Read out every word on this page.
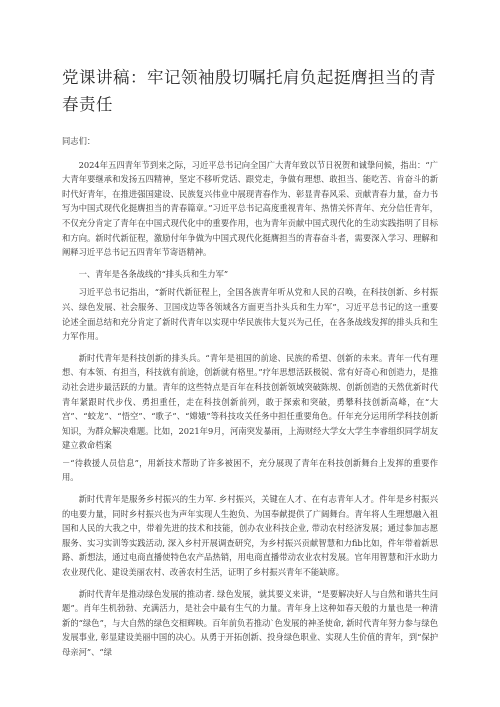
党课讲稿：牢记领袖殷切嘱托肩负起挺膺担当的青春责任

同志们：

2024年五四青年节到来之际，习近平总书记向全国广大青年致以节日祝贺和诚挚问候，指出：“广大青年要继承和发扬五四精神，坚定不移听党话、跟党走，争做有理想、敢担当、能吃苦、肯奋斗的新时代好青年，在推进强国建设、民族复兴伟业中展现青春作为、彰显青春风采、贡献青春力量，奋力书写为中国式现代化挺膺担当的青春篇章。”习近平总书记高度重视青年、热情关怀青年、充分信任青年，不仅充分肯定了青年在中国式现代化中的重要作用，也为青年贡献中国式现代化的生动实践指明了目标和方向。新时代新征程，激励付年争做为中国式现代化挺膺担当的青春奋斗者，需要深入学习、理解和阐释习近平总书记五四青年节寄语精神。

一、青年是各条战线的“排头兵和生力军”

习近平总书记指出，“新时代新征程上，全国各族青年听从党和人民的召唤，在科技创新、乡村振兴、绿色发展、社会服务、卫国戍边等各领域各方面更当扑头兵和生力军”，习近平总书记的这一重要论述全面总结和充分肯定了新时代青年以实现中华民族伟大复兴为己任，在各条战线发挥的排头兵和生力军作用。

新时代青年是科技创新的排头兵。“青年是祖国的前途、民族的希望、创新的未来。青年一代有理想、有本领、有担当，科技就有前途，创新就有格里。”疗年思想活跃极锐、常有好奇心和创造力，是推动社会进步最活跃的力量。青年的这些特点是百年在科技创新领域突破陈规、创新创造的天然优新时代青年紧跟时代步伐、勇担重任，走在科技创新前列，敢于探索和突破，勇攀科技创新高峰，在“大宫”、“蛟龙”、“悟空”、“歌子”、“嫦娥”等科技攻关任务中担任重要角色。仟年充分运用所学科技创新知识，为群众解决难题。比如，2021年9月，河南突发暴雨，上海财经大学女大学生李睿组织同学胡友建立救命档案

－“待救援人员信息”，用新技术帮助了许多被困不，充分展现了青年在科技创新舞台上发挥的重要作用。

新时代青年是服务乡村振兴的生力军. 乡村振兴，关键在人才、在有志青年人才。件年是乡村振兴的电要力量，同时乡村振兴也为声年实现人生抱负、为国奉献提供了广阔舞台。青年将人生理想融入祖国和人民的大我之中，带着先进的技术和技能，创办农业科技企业, 带动农村经济发展；通过参加志愿服务、实习实训等实践活动, 深入乡村开展调查研究，为乡村振兴贡献智慧和力fib比如，件年带着新思路、新想法，通过电商直播使特色农产品热销，用电商直播带动农业农村发展。官年用智慧和汗水助力农业现代化、建设美丽农村、改善农村生活，证明了乡村振兴青年不能缺席。

新时代青年是推动绿色发展的推动者. 绿色发展，就其要义来讲，“是要解决好人与自然和谐共生问题”。肖年生机勃勃、充满活力，是社会中最有生气的力量。青年身上这种如春天般的力量也是一种清新的“绿色”，与大自然的绿色交相辉映。百年前负若推动`色发展的神圣使命, 新时代青年努力参与绿色发展事业, 彰显建设美丽中国的决心。从勇于开拓创新、投身绿色职业、实现人生价值的青年，到“保护母亲河”、“绿
